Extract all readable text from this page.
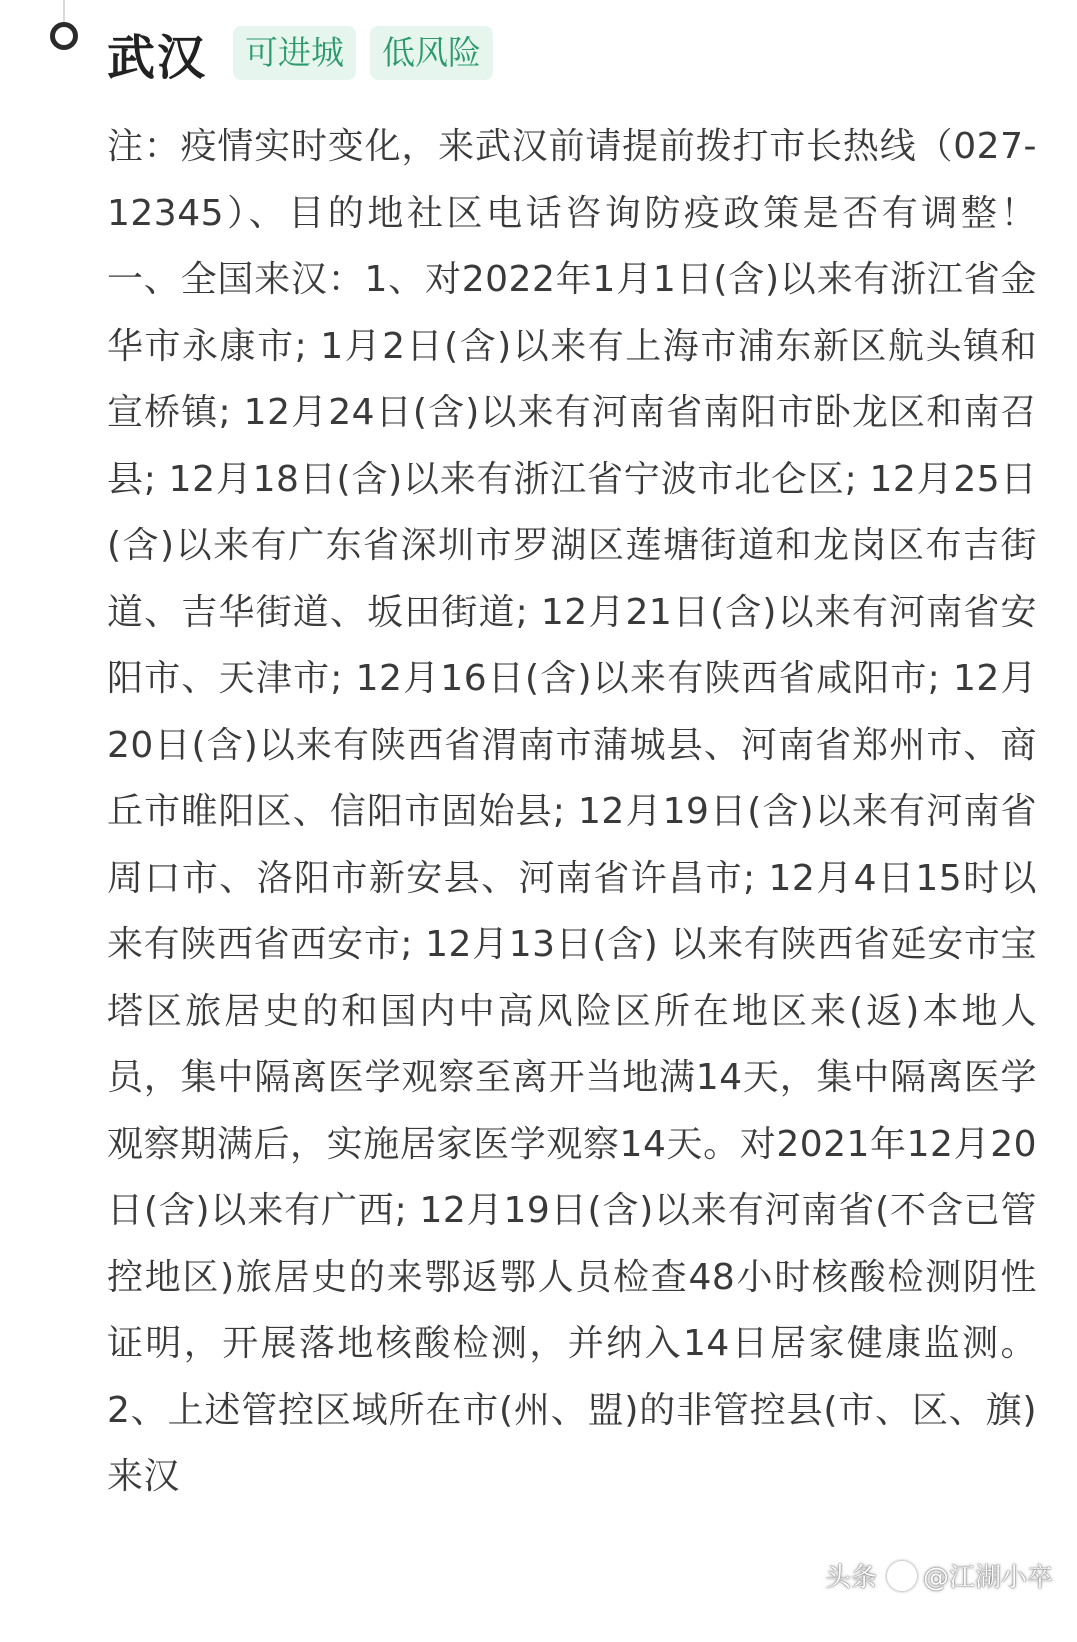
武汉	可进城	低风险
注：疫情实时变化，来武汉前请提前拨打市长热线（027-12345）、目的地社区电话咨询防疫政策是否有调整！一、全国来汉：1、对2022年1月1日(含)以来有浙江省金华市永康市; 1月2日(含)以来有上海市浦东新区航头镇和宣桥镇; 12月24日(含)以来有河南省南阳市卧龙区和南召县; 12月18日(含)以来有浙江省宁波市北仑区; 12月25日(含)以来有广东省深圳市罗湖区莲塘街道和龙岗区布吉街道、吉华街道、坂田街道; 12月21日(含)以来有河南省安阳市、天津市; 12月16日(含)以来有陕西省咸阳市; 12月20日(含)以来有陕西省渭南市蒲城县、河南省郑州市、商丘市睢阳区、信阳市固始县; 12月19日(含)以来有河南省周口市、洛阳市新安县、河南省许昌市; 12月4日15时以来有陕西省西安市; 12月13日(含) 以来有陕西省延安市宝塔区旅居史的和国内中高风险区所在地区来(返)本地人员，集中隔离医学观察至离开当地满14天，集中隔离医学观察期满后，实施居家医学观察14天。对2021年12月20日(含)以来有广西; 12月19日(含)以来有河南省(不含已管控地区)旅居史的来鄂返鄂人员检查48小时核酸检测阴性证明，开展落地核酸检测，并纳入14日居家健康监测。2、上述管控区域所在市(州、盟)的非管控县(市、区、旗)来汉
头条 @江湖小卒
